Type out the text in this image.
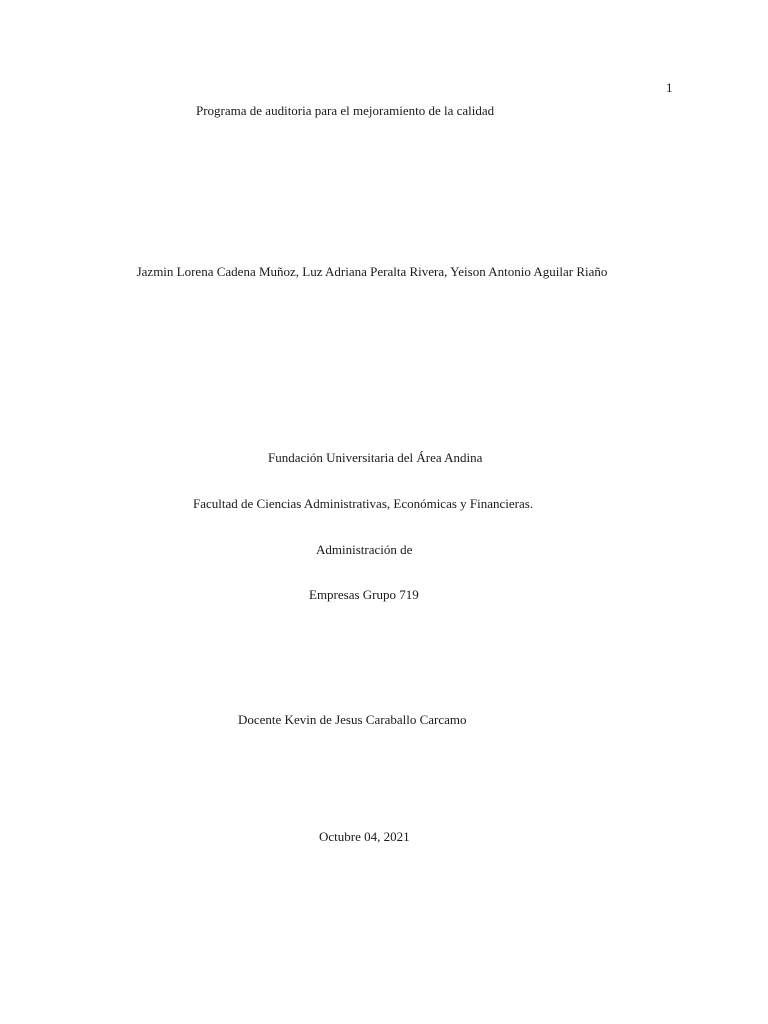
1
Programa de auditoria para el mejoramiento de la calidad
Jazmin Lorena Cadena Muñoz, Luz Adriana Peralta Rivera, Yeison Antonio Aguilar Riaño
Fundación Universitaria del Área Andina
Facultad de Ciencias Administrativas, Económicas y Financieras.
Administración de
Empresas Grupo 719
Docente Kevin de Jesus Caraballo Carcamo
Octubre 04, 2021
